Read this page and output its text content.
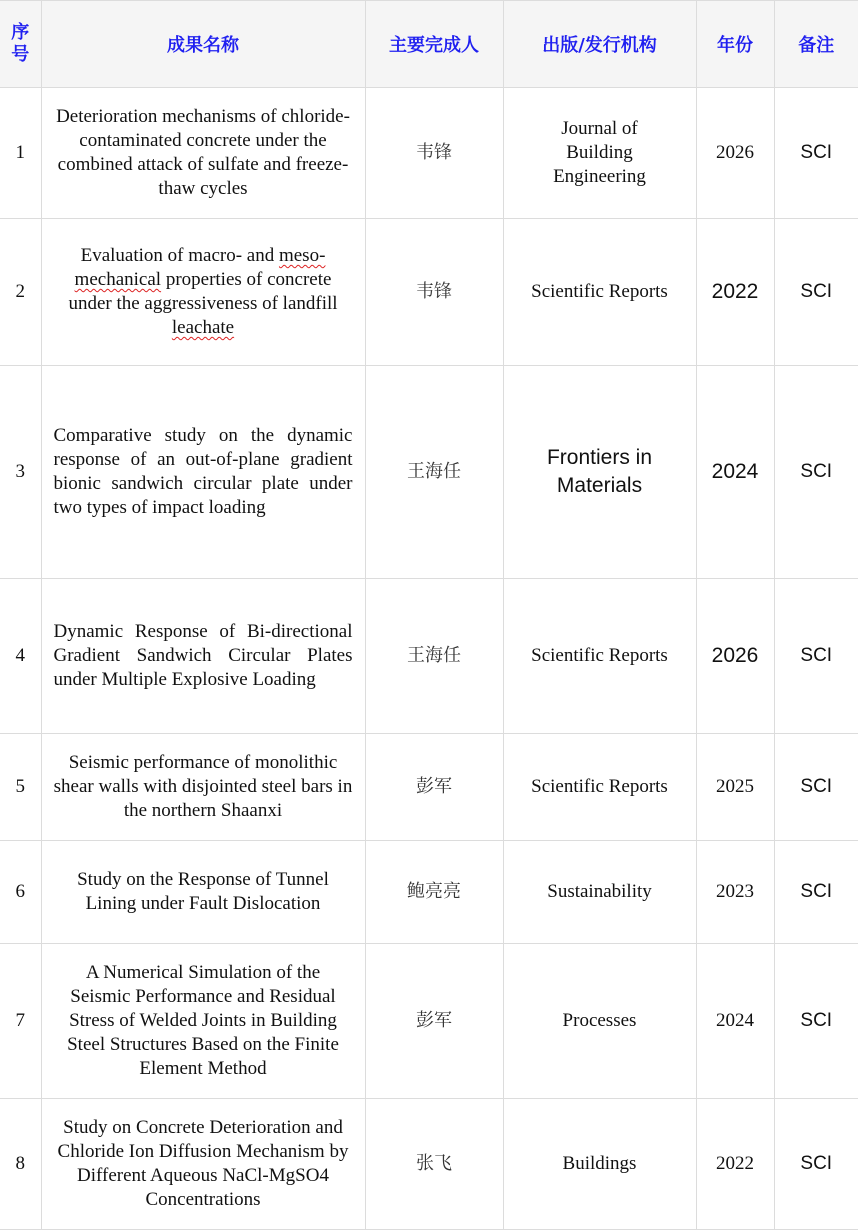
序号	成果名称	主要完成人	出版/发行机构	年份	备注
1	Deterioration mechanisms of chloride-contaminated concrete under the combined attack of sulfate and freeze-thaw cycles	韦锋	Journal of Building Engineering	2026	SCI
2	Evaluation of macro- and meso-mechanical properties of concrete under the aggressiveness of landfill leachate	韦锋	Scientific Reports	2022	SCI
3	Comparative study on the dynamic response of an out-of-plane gradient bionic sandwich circular plate under two types of impact loading	王海任	Frontiers in Materials	2024	SCI
4	Dynamic Response of Bi-directional Gradient Sandwich Circular Plates under Multiple Explosive Loading	王海任	Scientific Reports	2026	SCI
5	Seismic performance of monolithic shear walls with disjointed steel bars in the northern Shaanxi	彭军	Scientific Reports	2025	SCI
6	Study on the Response of Tunnel Lining under Fault Dislocation	鲍亮亮	Sustainability	2023	SCI
7	A Numerical Simulation of the Seismic Performance and Residual Stress of Welded Joints in Building Steel Structures Based on the Finite Element Method	彭军	Processes	2024	SCI
8	Study on Concrete Deterioration and Chloride Ion Diffusion Mechanism by Different Aqueous NaCl-MgSO4 Concentrations	张飞	Buildings	2022	SCI
